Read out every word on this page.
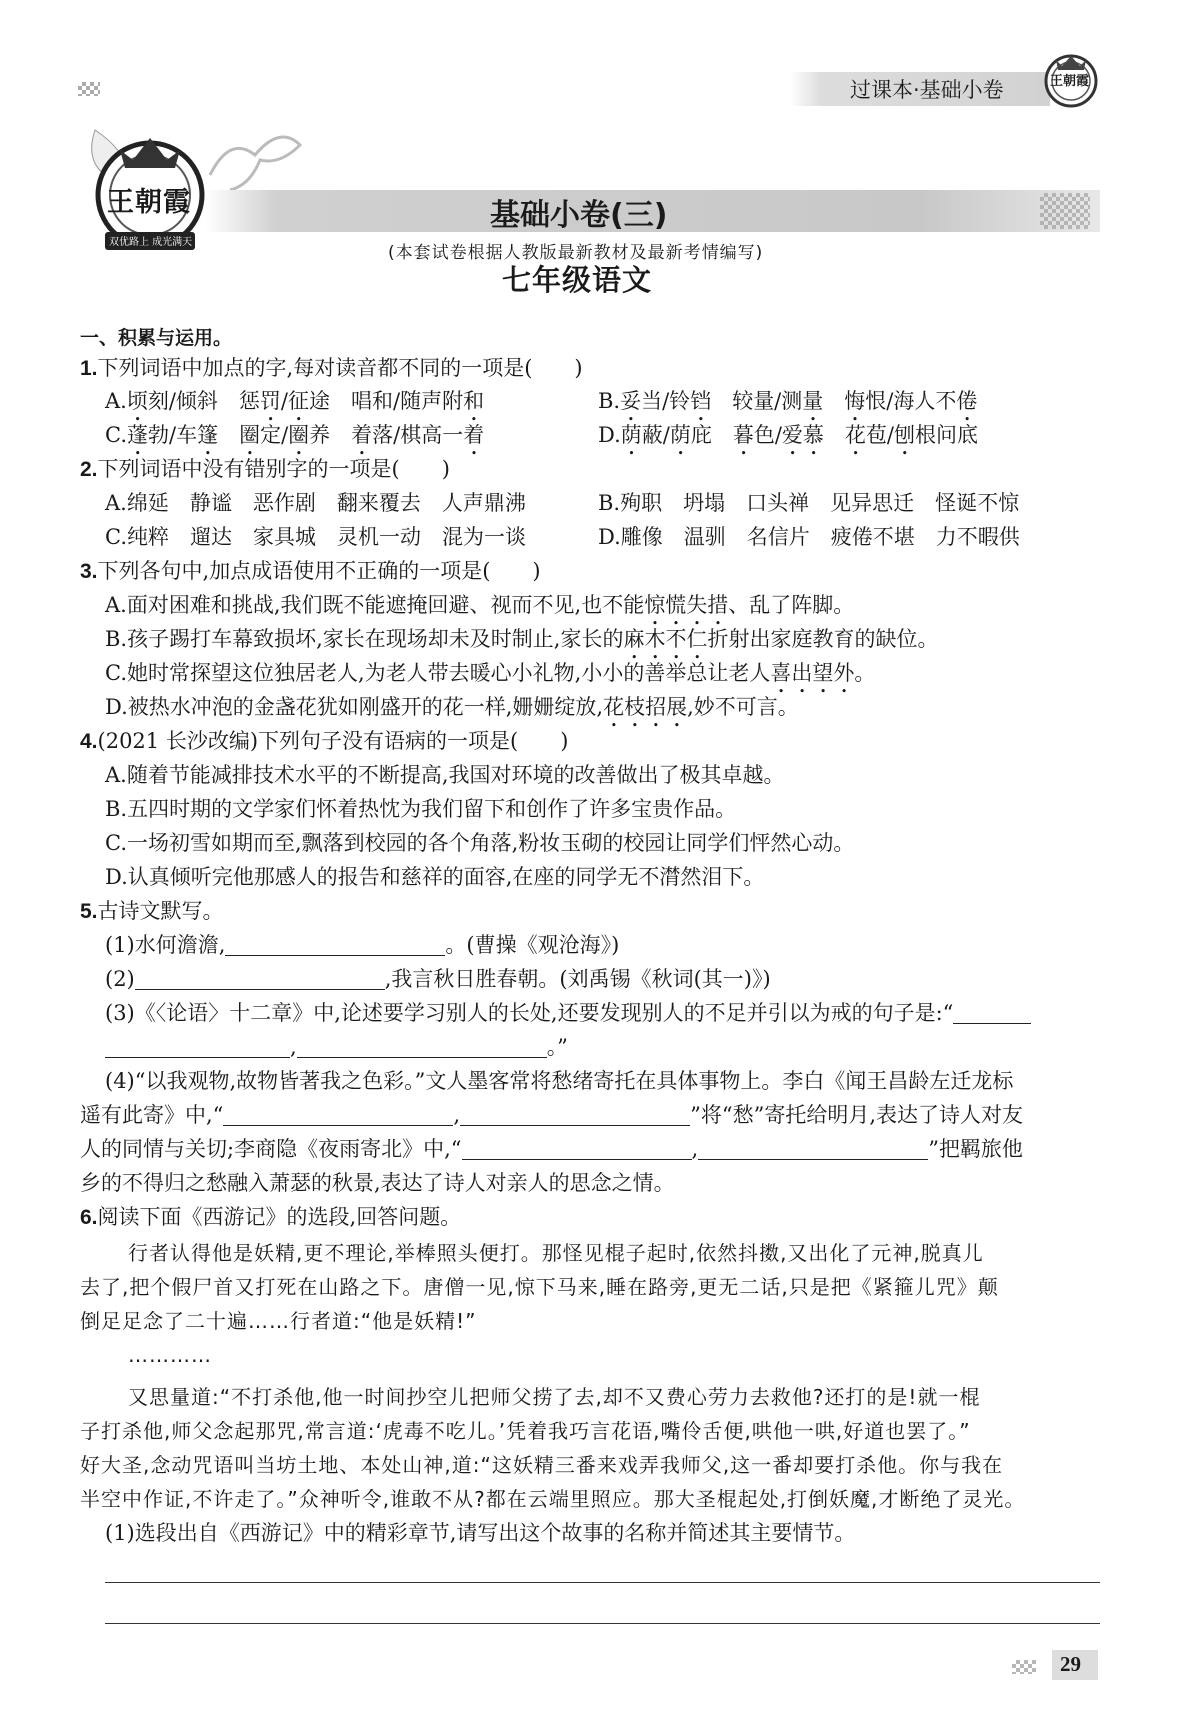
过课本·基础小卷	王朝霞
王朝霞
双优路上 成光满天
基础小卷(三)
(本套试卷根据人教版最新教材及最新考情编写)
七年级语文
一、积累与运用。
1.下列词语中加点的字,每对读音都不同的一项是(　　)
A.顷刻/倾斜　惩罚/征途　唱和/随声附和	B.妥当/铃铛　 较量/测量　 悔恨/海人不倦
C.蓬勃/车篷　 圈定/圈养　着落/棋高一着	D.荫蔽/荫庇　暮色/爱慕　 花苞/刨根问底
2.下列词语中没有错别字的一项是(　　)
A.绵延　静谧　恶作剧　翻来覆去　人声鼎沸	B.殉职　坍塌　口头禅　见异思迁　怪诞不惊
C.纯粹　遛达　家具城　灵机一动　混为一谈	D.雕像　温驯　名信片　疲倦不堪　力不暇供
3.下列各句中,加点成语使用不正确的一项是(　　)
A.面对困难和挑战,我们既不能遮掩回避、视而不见,也不能惊慌失措、乱了阵脚。
B.孩子踢打车幕致损坏,家长在现场却未及时制止,家长的麻木不仁折射出家庭教育的缺位。
C.她时常探望这位独居老人,为老人带去暖心小礼物,小小的善举总让老人喜出望外。
D.被热水冲泡的金盏花犹如刚盛开的花一样,姗姗绽放,花枝招展,妙不可言。
4.(2021 长沙改编)下列句子没有语病的一项是(　　)
A.随着节能减排技术水平的不断提高,我国对环境的改善做出了极其卓越。
B.五四时期的文学家们怀着热忱为我们留下和创作了许多宝贵作品。
C.一场初雪如期而至,飘落到校园的各个角落,粉妆玉砌的校园让同学们怦然心动。
D.认真倾听完他那感人的报告和慈祥的面容,在座的同学无不潸然泪下。
5.古诗文默写。
(1)水何澹澹,	。(曹操《观沧海》)
(2)	,我言秋日胜春朝。(刘禹锡《秋词(其一)》)
(3)《〈论语〉十二章》中,论述要学习别人的长处,还要发现别人的不足并引以为戒的句子是:“
,	。”
(4)“以我观物,故物皆著我之色彩。”文人墨客常将愁绪寄托在具体事物上。李白《闻王昌龄左迁龙标
遥有此寄》中,“	,	”将“愁”寄托给明月,表达了诗人对友
人的同情与关切;李商隐《夜雨寄北》中,“	,	”把羁旅他
乡的不得归之愁融入萧瑟的秋景,表达了诗人对亲人的思念之情。
6.阅读下面《西游记》的选段,回答问题。
行者认得他是妖精,更不理论,举棒照头便打。那怪见棍子起时,依然抖擞,又出化了元神,脱真儿
去了,把个假尸首又打死在山路之下。唐僧一见,惊下马来,睡在路旁,更无二话,只是把《紧箍儿咒》颠
倒足足念了二十遍……行者道:“他是妖精!”
…………
又思量道:“不打杀他,他一时间抄空儿把师父捞了去,却不又费心劳力去救他?还打的是!就一棍
子打杀他,师父念起那咒,常言道:‘虎毒不吃儿。’凭着我巧言花语,嘴伶舌便,哄他一哄,好道也罢了。”
好大圣,念动咒语叫当坊土地、本处山神,道:“这妖精三番来戏弄我师父,这一番却要打杀他。你与我在
半空中作证,不许走了。”众神听令,谁敢不从?都在云端里照应。那大圣棍起处,打倒妖魔,才断绝了灵光。
(1)选段出自《西游记》中的精彩章节,请写出这个故事的名称并简述其主要情节。
29
